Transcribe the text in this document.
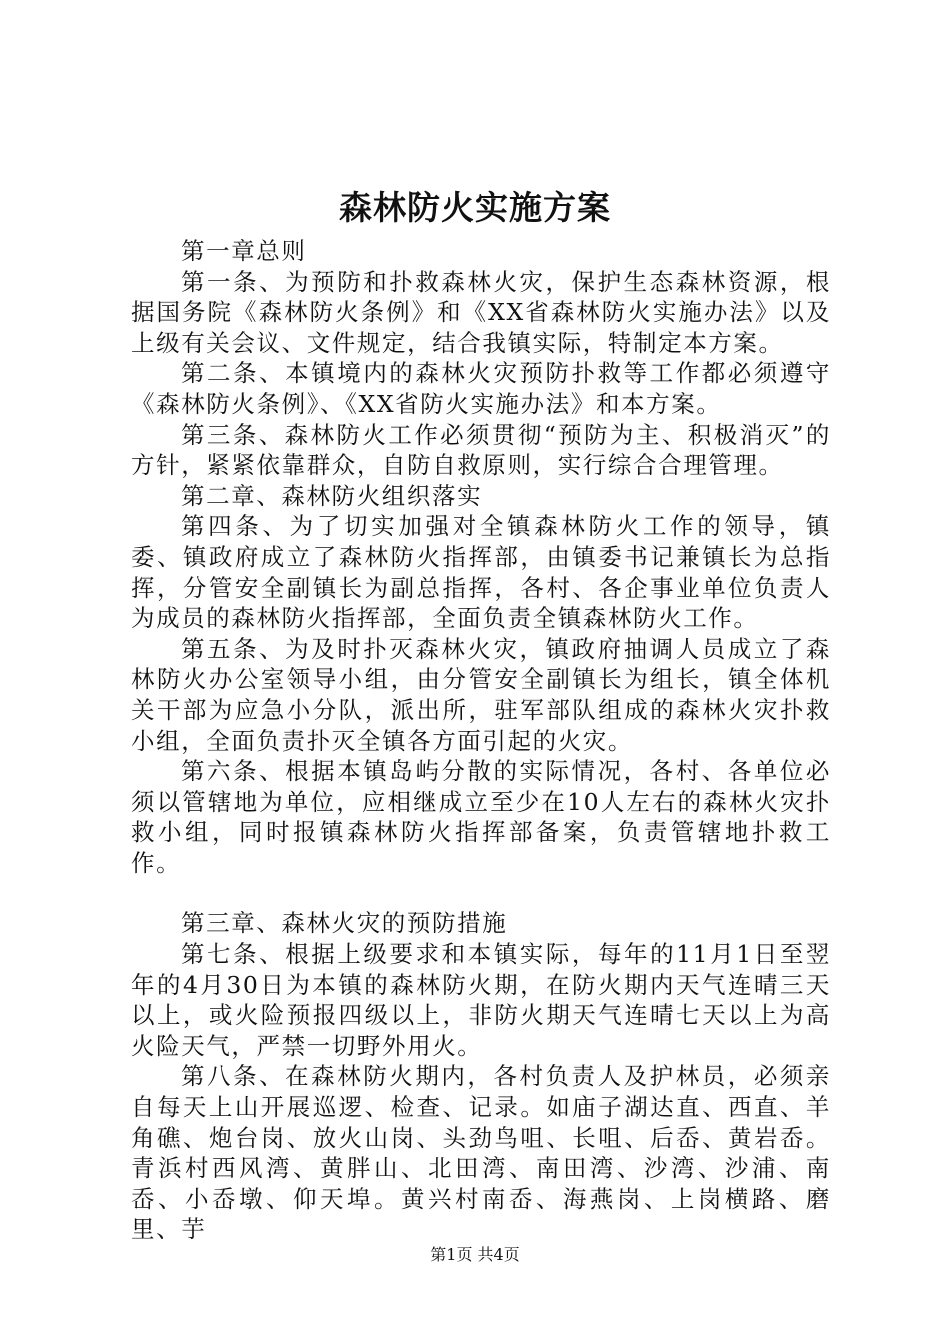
森林防火实施方案

第一章总则

第一条、为预防和扑救森林火灾，保护生态森林资源，根据国务院《森林防火条例》和《XX省森林防火实施办法》以及上级有关会议、文件规定，结合我镇实际，特制定本方案。

第二条、本镇境内的森林火灾预防扑救等工作都必须遵守《森林防火条例》、《XX省防火实施办法》和本方案。

第三条、森林防火工作必须贯彻“预防为主、积极消灭”的方针，紧紧依靠群众，自防自救原则，实行综合合理管理。

第二章、森林防火组织落实

第四条、为了切实加强对全镇森林防火工作的领导，镇委、镇政府成立了森林防火指挥部，由镇委书记兼镇长为总指挥，分管安全副镇长为副总指挥，各村、各企事业单位负责人为成员的森林防火指挥部，全面负责全镇森林防火工作。

第五条、为及时扑灭森林火灾，镇政府抽调人员成立了森林防火办公室领导小组，由分管安全副镇长为组长，镇全体机关干部为应急小分队，派出所，驻军部队组成的森林火灾扑救小组，全面负责扑灭全镇各方面引起的火灾。

第六条、根据本镇岛屿分散的实际情况，各村、各单位必须以管辖地为单位，应相继成立至少在10人左右的森林火灾扑救小组，同时报镇森林防火指挥部备案，负责管辖地扑救工作。

第三章、森林火灾的预防措施

第七条、根据上级要求和本镇实际，每年的11月1日至翌年的4月30日为本镇的森林防火期，在防火期内天气连晴三天以上，或火险预报四级以上，非防火期天气连晴七天以上为高火险天气，严禁一切野外用火。

第八条、在森林防火期内，各村负责人及护林员，必须亲自每天上山开展巡逻、检查、记录。如庙子湖达直、西直、羊角礁、炮台岗、放火山岗、头劲鸟咀、长咀、后岙、黄岩岙。青浜村西风湾、黄胖山、北田湾、南田湾、沙湾、沙浦、南岙、小岙墩、仰天埠。黄兴村南岙、海燕岗、上岗横路、磨里、芋

第1页 共4页
